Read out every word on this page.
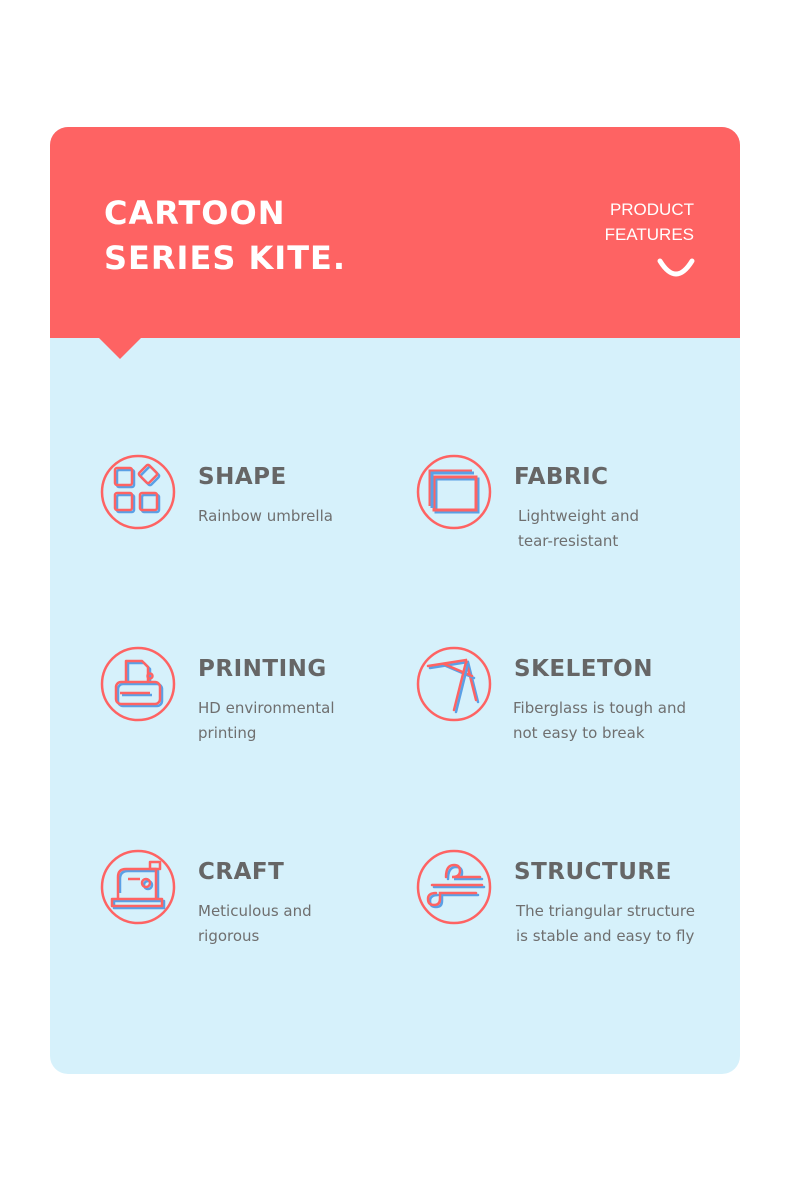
CARTOON
SERIES KITE.
PRODUCT
FEATURES
SHAPE
Rainbow umbrella
FABRIC
Lightweight and
tear-resistant
PRINTING
HD environmental
printing
SKELETON
Fiberglass is tough and
not easy to break
CRAFT
Meticulous and
rigorous
STRUCTURE
The triangular structure
is stable and easy to fly
